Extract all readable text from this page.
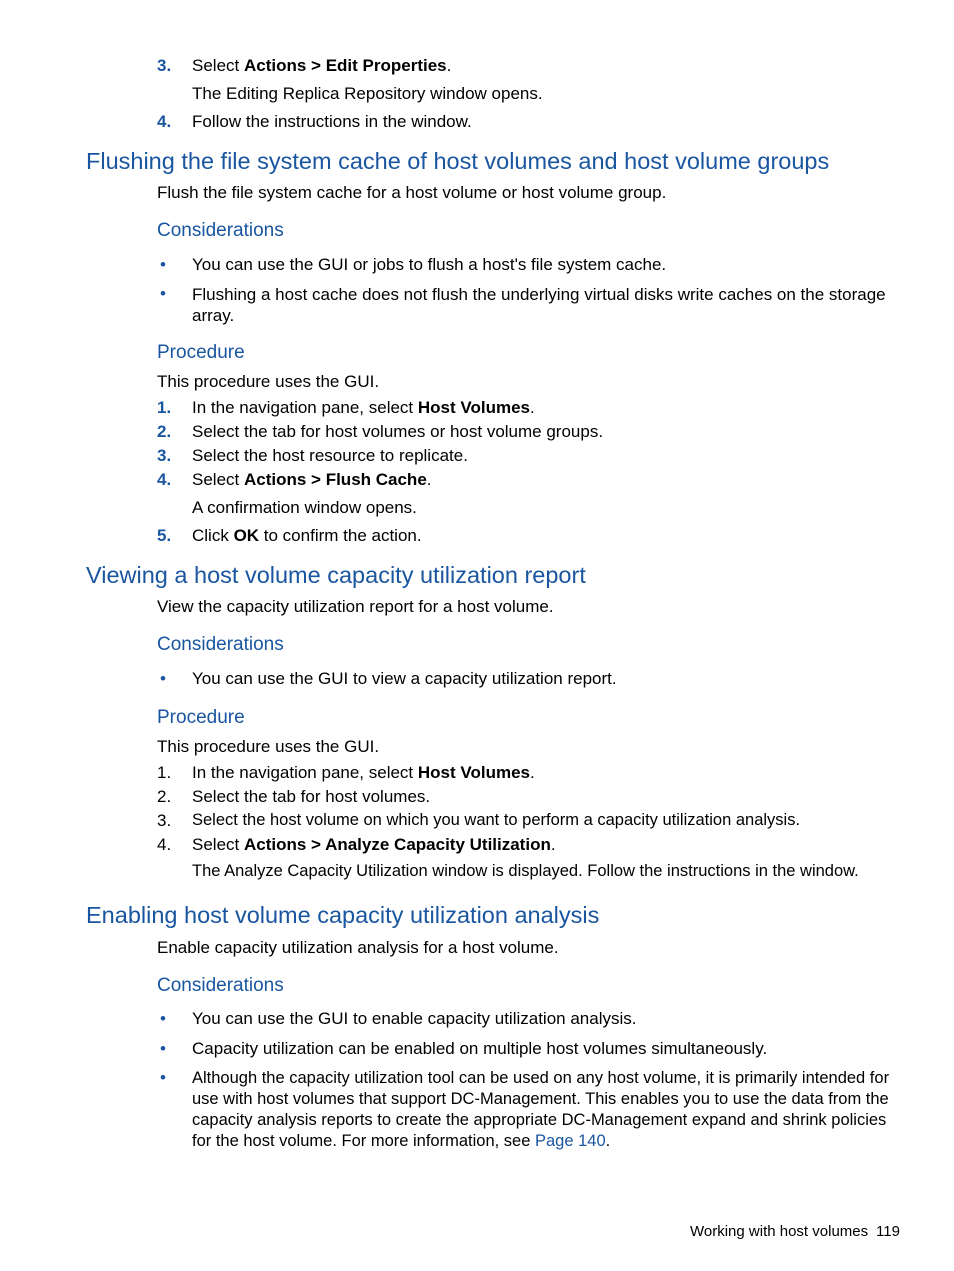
3. Select Actions > Edit Properties.
The Editing Replica Repository window opens.
4. Follow the instructions in the window.
Flushing the file system cache of host volumes and host volume groups
Flush the file system cache for a host volume or host volume group.
Considerations
• You can use the GUI or jobs to flush a host's file system cache.
• Flushing a host cache does not flush the underlying virtual disks write caches on the storage array.
Procedure
This procedure uses the GUI.
1. In the navigation pane, select Host Volumes.
2. Select the tab for host volumes or host volume groups.
3. Select the host resource to replicate.
4. Select Actions > Flush Cache.
A confirmation window opens.
5. Click OK to confirm the action.
Viewing a host volume capacity utilization report
View the capacity utilization report for a host volume.
Considerations
• You can use the GUI to view a capacity utilization report.
Procedure
This procedure uses the GUI.
1. In the navigation pane, select Host Volumes.
2. Select the tab for host volumes.
3. Select the host volume on which you want to perform a capacity utilization analysis.
4. Select Actions > Analyze Capacity Utilization.
The Analyze Capacity Utilization window is displayed. Follow the instructions in the window.
Enabling host volume capacity utilization analysis
Enable capacity utilization analysis for a host volume.
Considerations
• You can use the GUI to enable capacity utilization analysis.
• Capacity utilization can be enabled on multiple host volumes simultaneously.
• Although the capacity utilization tool can be used on any host volume, it is primarily intended for use with host volumes that support DC-Management. This enables you to use the data from the capacity analysis reports to create the appropriate DC-Management expand and shrink policies for the host volume. For more information, see Page 140.
Working with host volumes 119
